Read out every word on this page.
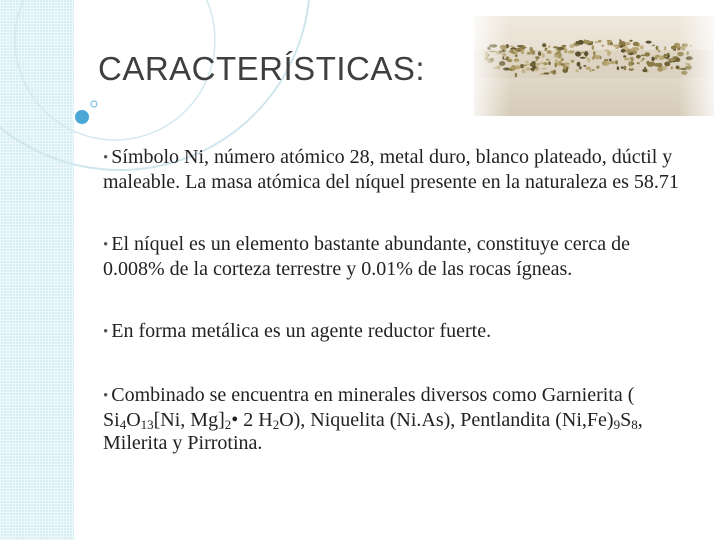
CARACTERÍSTICAS:
• Símbolo Ni, número atómico 28, metal duro, blanco plateado, dúctil y maleable. La masa atómica del níquel presente en la naturaleza es 58.71
• El níquel es un elemento bastante abundante, constituye cerca de 0.008% de la corteza terrestre y 0.01% de las rocas ígneas.
• En forma metálica es un agente reductor fuerte.
• Combinado se encuentra en minerales diversos como Garnierita ( $Si_4O_{13}[Ni$, $Mg]_2•$ 2 $H_2O$), Niquelita (Ni.As), Pentlandita $(Ni,Fe)_9S_8$, Milerita y Pirrotina.
